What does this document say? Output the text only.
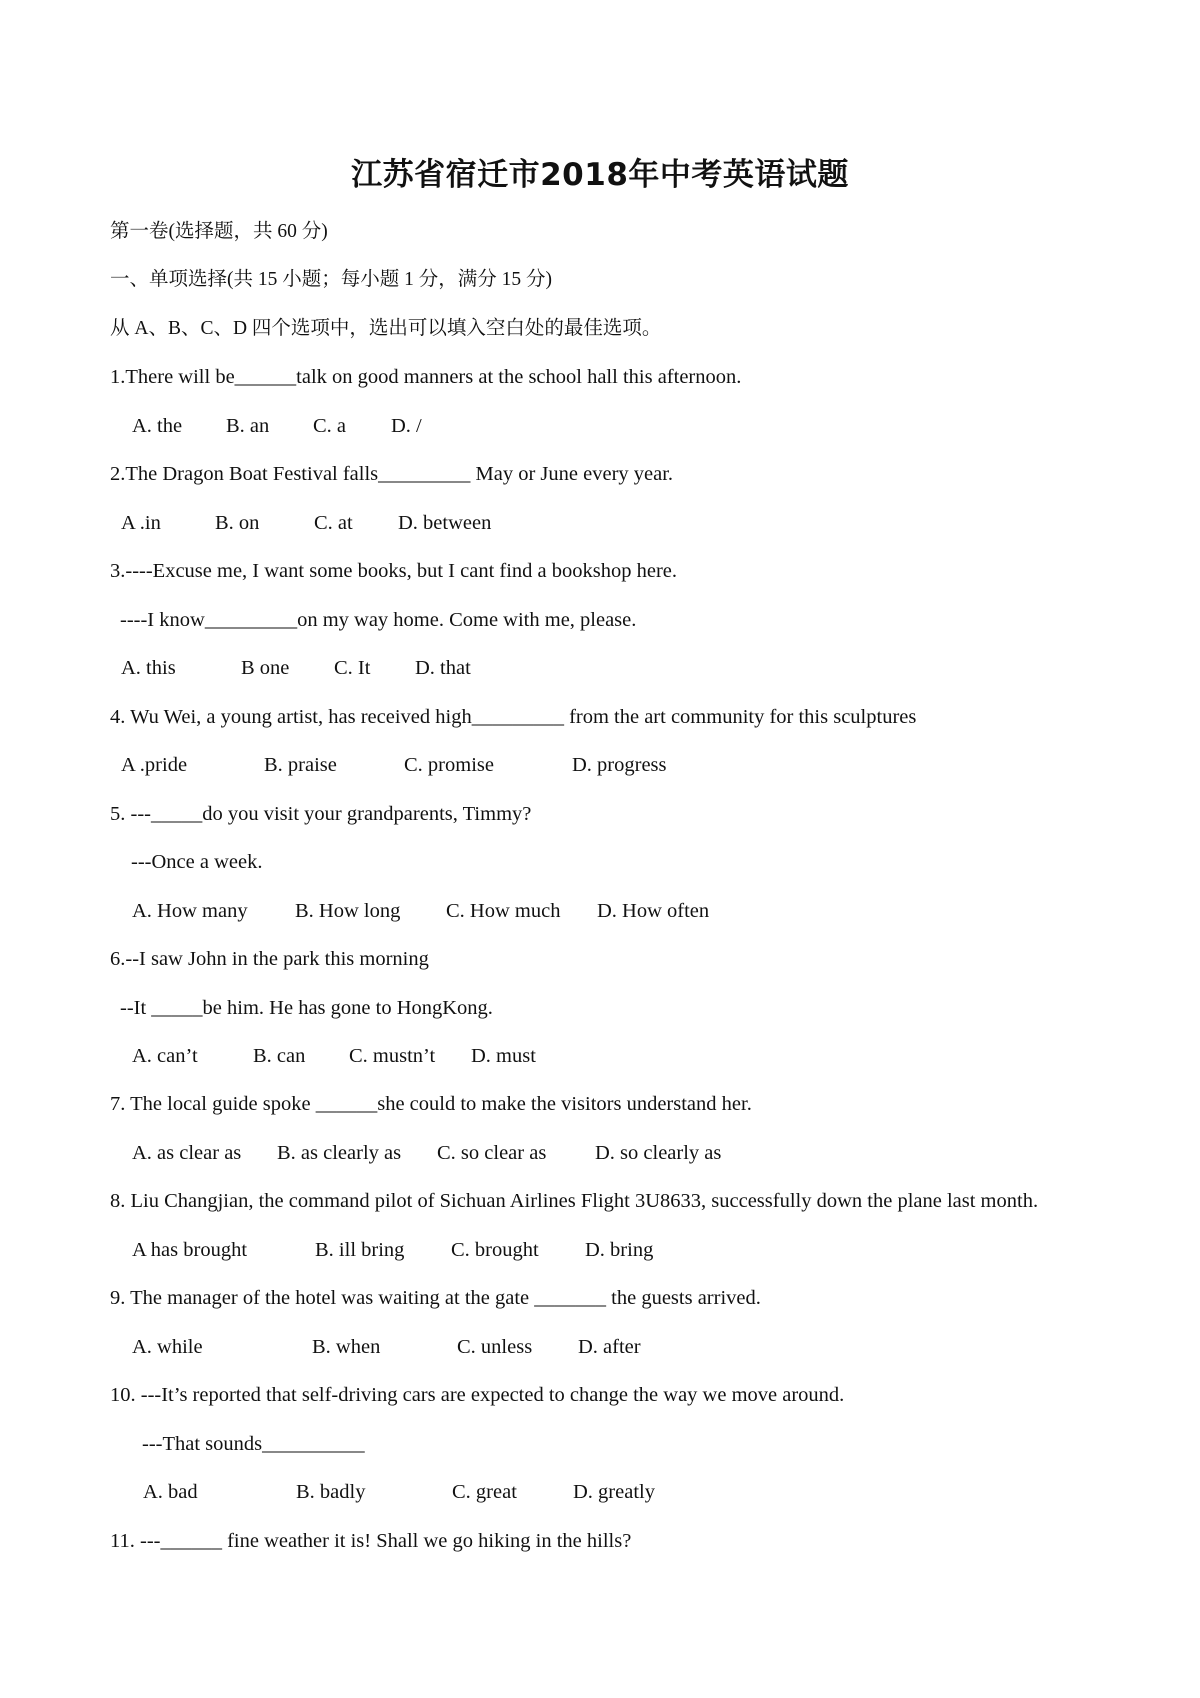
江苏省宿迁市2018年中考英语试题
第一卷(选择题，共 60 分)
一、单项选择(共 15 小题；每小题 1 分，满分 15 分)
从 A、B、C、D 四个选项中，选出可以填入空白处的最佳选项。
1.There will be______talk on good manners at the school hall this afternoon.
A. the B. an C. a D. /
2.The Dragon Boat Festival falls_________ May or June every year.
A .in	B. on	C. at D. between
3.----Excuse me, I want some books, but I cant find a bookshop here.
----I know_________on my way home. Come with me, please.
A. this	B one C. It D. that
4. Wu Wei, a young artist, has received high_________ from the art community for this sculptures
A .pride	B. praise	C. promise	D. progress
5. ---_____do you visit your grandparents, Timmy?
---Once a week.
A. How many B. How long C. How much D. How often
6.--I saw John in the park this morning
--It _____be him. He has gone to HongKong.
A. can’t	B. can C. mustn’t D. must
7. The local guide spoke ______she could to make the visitors understand her.
A. as clear as B. as clearly as C. so clear as D. so clearly as
8. Liu Changjian, the command pilot of Sichuan Airlines Flight 3U8633, successfully down the plane last month.
A has brought	B. ill bring C. brought D. bring
9. The manager of the hotel was waiting at the gate _______ the guests arrived.
A. while	B. when	C. unless D. after
10. ---It’s reported that self-driving cars are expected to change the way we move around.
---That sounds__________
A. bad	B. badly	C. great	D. greatly
11. ---______ fine weather it is! Shall we go hiking in the hills?
